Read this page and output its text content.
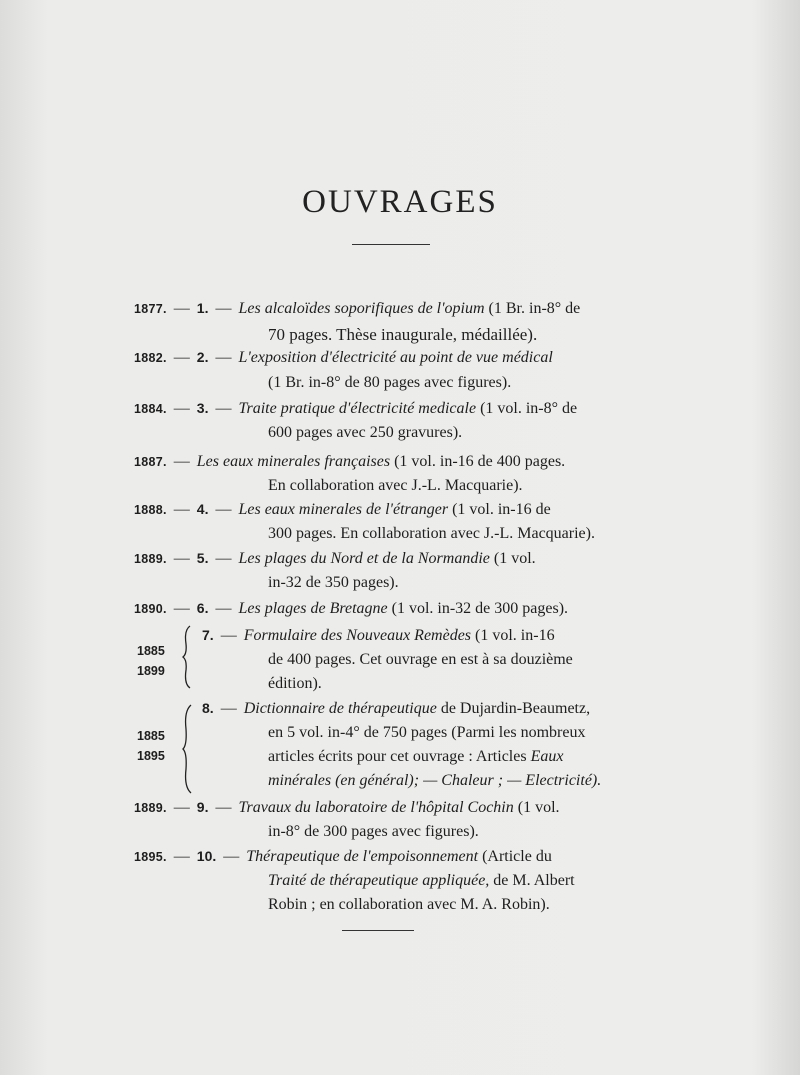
OUVRAGES
1877. — 1. — Les alcaloïdes soporifiques de l'opium (1 Br. in-8° de
70 pages. Thèse inaugurale, médaillée).
1882. — 2. — L'exposition d'électricité au point de vue médical
(1 Br. in-8° de 80 pages avec figures).
1884. — 3. — Traite pratique d'électricité medicale (1 vol. in-8° de
600 pages avec 250 gravures).
1887. — Les eaux minerales françaises (1 vol. in-16 de 400 pages.
En collaboration avec J.-L. Macquarie).
1888. — 4. — Les eaux minerales de l'étranger (1 vol. in-16 de
300 pages. En collaboration avec J.-L. Macquarie).
1889. — 5. — Les plages du Nord et de la Normandie (1 vol.
in-32 de 350 pages).
1890. — 6. — Les plages de Bretagne (1 vol. in-32 de 300 pages).
1885
1899
7. — Formulaire des Nouveaux Remèdes (1 vol. in-16
de 400 pages. Cet ouvrage en est à sa douzième
édition).
1885
1895
8. — Dictionnaire de thérapeutique de Dujardin-Beaumetz,
en 5 vol. in-4° de 750 pages (Parmi les nombreux
articles écrits pour cet ouvrage : Articles Eaux
minérales (en général); — Chaleur ; — Electricité).
1889. — 9. — Travaux du laboratoire de l'hôpital Cochin (1 vol.
in-8° de 300 pages avec figures).
1895. — 10. — Thérapeutique de l'empoisonnement (Article du
Traité de thérapeutique appliquée, de M. Albert
Robin ; en collaboration avec M. A. Robin).
